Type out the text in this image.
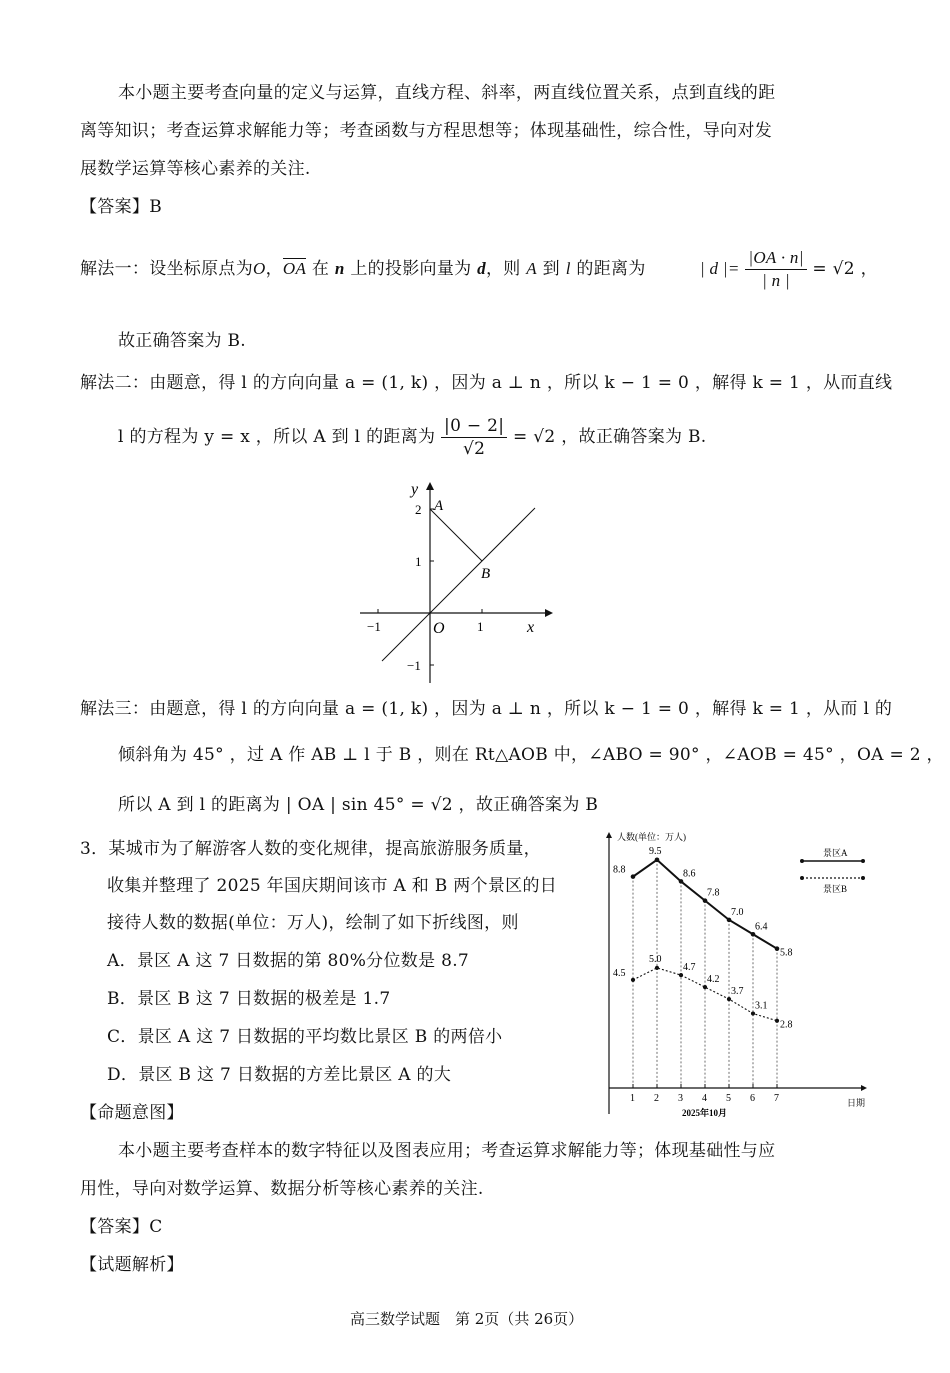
本小题主要考查向量的定义与运算，直线方程、斜率，两直线位置关系，点到直线的距
离等知识；考查运算求解能力等；考查函数与方程思想等；体现基础性，综合性，导向对发
展数学运算等核心素养的关注.
【答案】B
解法一：设坐标原点为O，OA 在 n 上的投影向量为 d，则 A 到 l 的距离为	| d |= $\frac{|OA \cdot n|}{| n |} = √2$ ，
故正确答案为 B.
解法二：由题意，得 l 的方向向量 a = (1, k) ，因为 a ⊥ n ，所以 k − 1 = 0 ，解得 k = 1 ，从而直线
l 的方程为 y = x ，所以 A 到 l 的距离为 $\frac{|0 - 2|}{√2} = √2$ ，故正确答案为 B.
y
x
A
B
O
2
1
−1
1
−1
解法三：由题意，得 l 的方向向量 a = (1, k) ，因为 a ⊥ n ，所以 k − 1 = 0 ，解得 k = 1 ，从而 l 的
倾斜角为 45° ，过 A 作 AB ⊥ l 于 B ，则在 Rt△AOB 中，∠ABO = 90° ，∠AOB = 45° ，OA = 2 ，
所以 A 到 l 的距离为 | OA | sin 45° = √2 ，故正确答案为 B
3．某城市为了解游客人数的变化规律，提高旅游服务质量，
收集并整理了 2025 年国庆期间该市 A 和 B 两个景区的日
接待人数的数据(单位：万人)，绘制了如下折线图，则
A．景区 A 这 7 日数据的第 80%分位数是 8.7
B．景区 B 这 7 日数据的极差是 1.7
C．景区 A 这 7 日数据的平均数比景区 B 的两倍小
D．景区 B 这 7 日数据的方差比景区 A 的大
人数(单位：万人)
日期
2025年10月
景区A
景区B
1 2 3 4 5 6 7
8.8
9.5
8.6
7.8
7.0
6.4
5.8
4.5
5.0
4.7
4.2
3.7
3.1
2.8
【命题意图】
本小题主要考查样本的数字特征以及图表应用；考查运算求解能力等；体现基础性与应
用性，导向对数学运算、数据分析等核心素养的关注.
【答案】C
【试题解析】
高三数学试题　第 2页（共 26页）
